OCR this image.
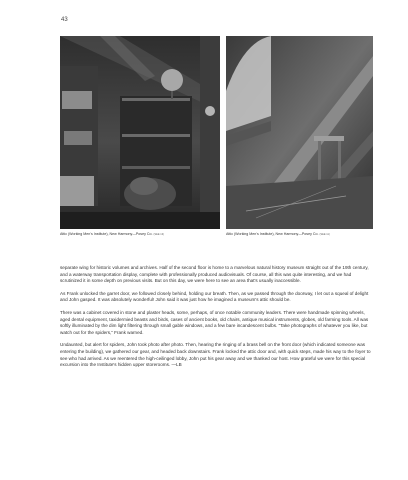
43
Attic (Working Men's Institute), New Harmony—Posey Co. (SEE 13)	Attic (Working Men's Institute), New Harmony—Posey Co. (SEE 11)

separate wing for historic volumes and archives. Half of the second floor is home to a marvelous natural history museum straight out of the 19th century, and a waterway transportation display, complete with professionally produced audiovisuals. Of course, all this was quite interesting, and we had scrutinized it in some depth on previous visits. But on this day, we were here to see an area that's usually inaccessible.

As Frank unlocked the garret door, we followed closely behind, holding our breath. Then, as we passed through the doorway, I let out a squeal of delight and John gasped. It was absolutely wonderful! John said it was just how he imagined a museum's attic should be.

There was a cabinet covered in stone and plaster heads, some, perhaps, of once notable community leaders. There were handmade spinning wheels, aged dental equipment, taxidermied beasts and birds, cases of ancient books, old chairs, antique musical instruments, globes, old farming tools. All was softly illuminated by the dim light filtering through small gable windows, and a few bare incandescent bulbs. “Take photographs of whatever you like, but watch out for the spiders,” Frank warned.

Undaunted, but alert for spiders, John took photo after photo. Then, hearing the ringing of a brass bell on the front door (which indicated someone was entering the building), we gathered our gear, and headed back downstairs. Frank locked the attic door and, with quick steps, made his way to the foyer to see who had arrived. As we reentered the high-ceilinged lobby, John put his gear away and we thanked our host. How grateful we were for this special excursion into the Institute's hidden upper storerooms. —LB
